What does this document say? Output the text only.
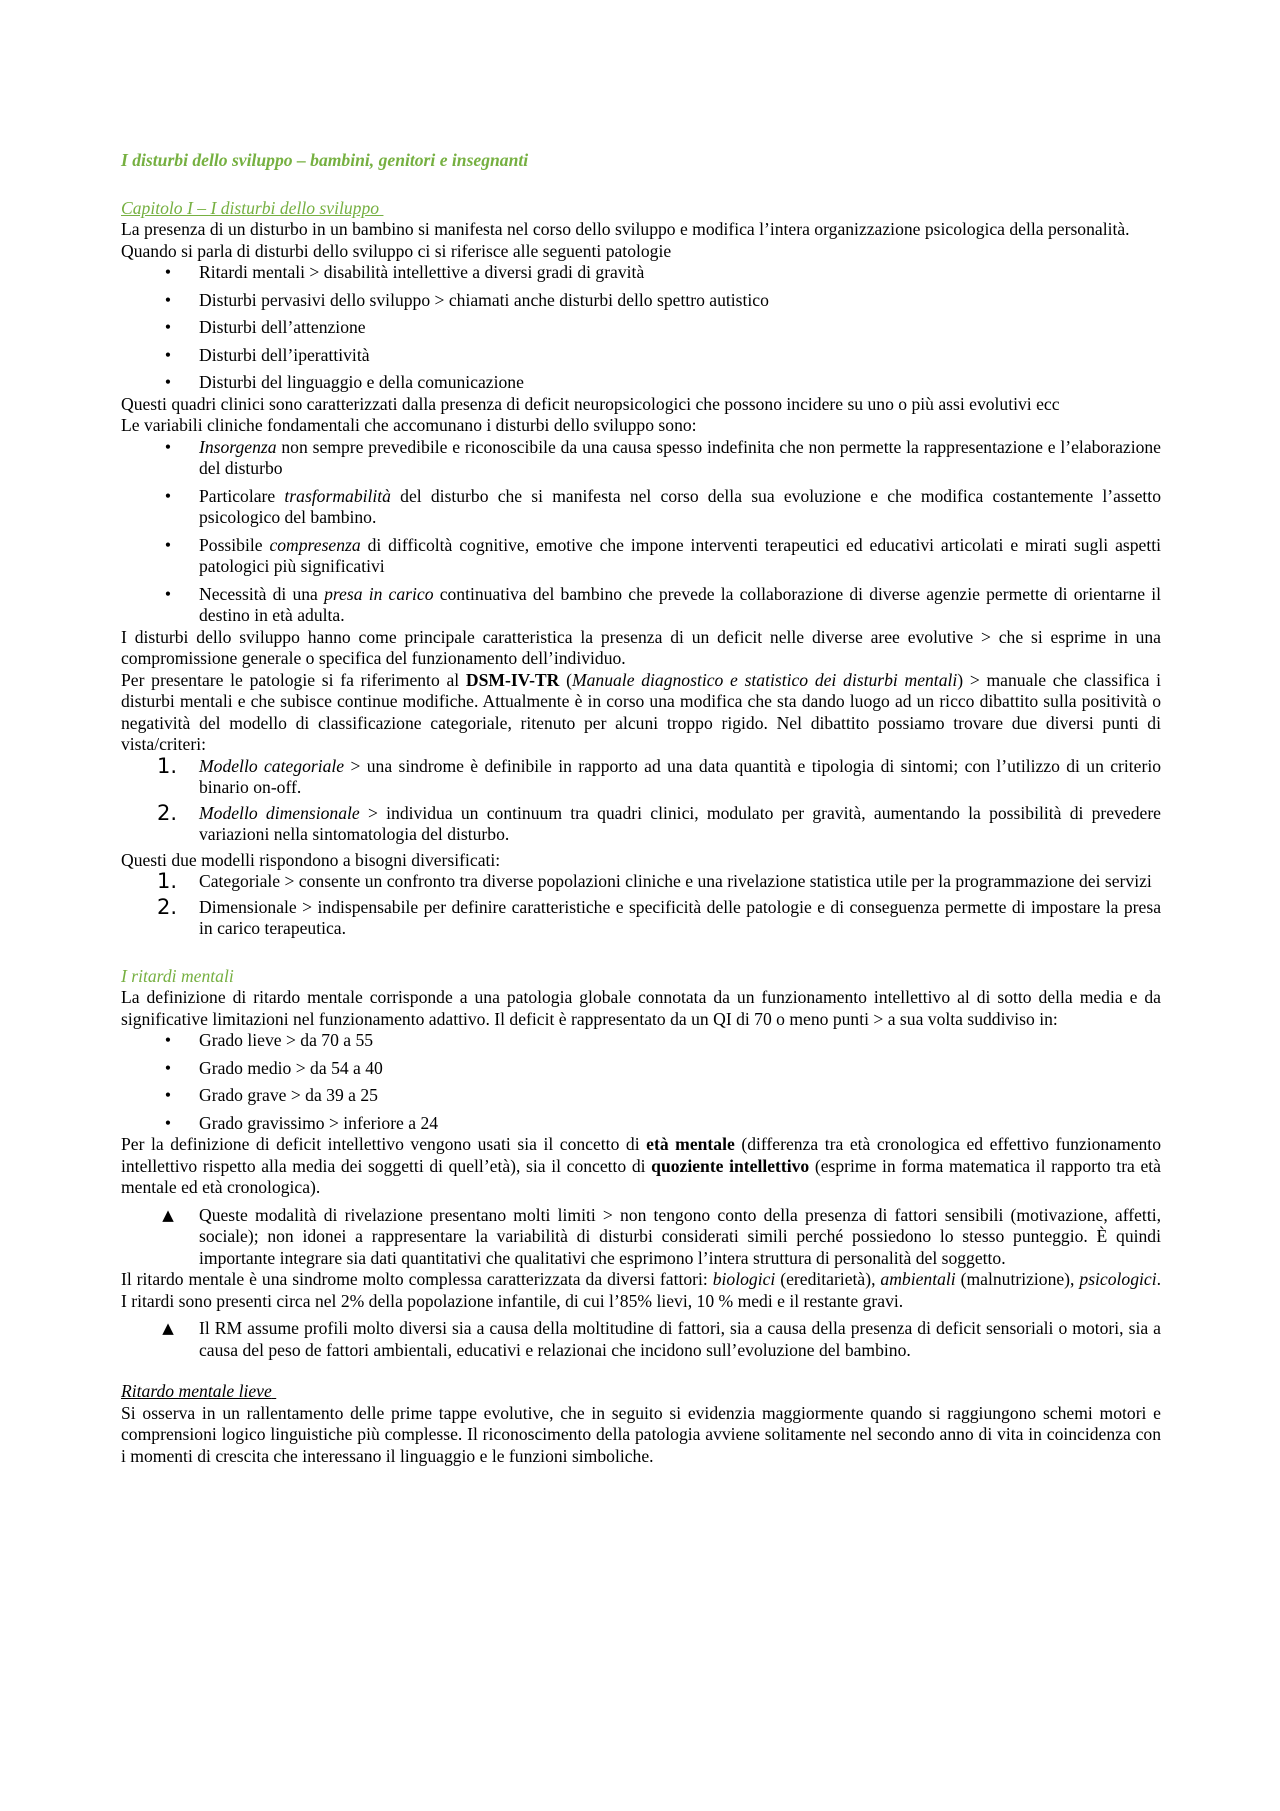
I disturbi dello sviluppo – bambini, genitori e insegnanti
Capitolo I – I disturbi dello sviluppo

La presenza di un disturbo in un bambino si manifesta nel corso dello sviluppo e modifica l’intera organizzazione psicologica della personalità.

Quando si parla di disturbi dello sviluppo ci si riferisce alle seguenti patologie

•	Ritardi mentali > disabilità intellettive a diversi gradi di gravità
•	Disturbi pervasivi dello sviluppo > chiamati anche disturbi dello spettro autistico
•	Disturbi dell’attenzione
•	Disturbi dell’iperattività
•	Disturbi del linguaggio e della comunicazione

Questi quadri clinici sono caratterizzati dalla presenza di deficit neuropsicologici che possono incidere su uno o più assi evolutivi ecc

Le variabili cliniche fondamentali che accomunano i disturbi dello sviluppo sono:

•	Insorgenza non sempre prevedibile e riconoscibile da una causa spesso indefinita che non permette la rappresentazione e l’elaborazione del disturbo
•	Particolare trasformabilità del disturbo che si manifesta nel corso della sua evoluzione e che modifica costantemente l’assetto psicologico del bambino.
•	Possibile compresenza di difficoltà cognitive, emotive che impone interventi terapeutici ed educativi articolati e mirati sugli aspetti patologici più significativi
•	Necessità di una presa in carico continuativa del bambino che prevede la collaborazione di diverse agenzie permette di orientarne il destino in età adulta.

I disturbi dello sviluppo hanno come principale caratteristica la presenza di un deficit nelle diverse aree evolutive > che si esprime in una compromissione generale o specifica del funzionamento dell’individuo.

Per presentare le patologie si fa riferimento al DSM-IV-TR (Manuale diagnostico e statistico dei disturbi mentali) > manuale che classifica i disturbi mentali e che subisce continue modifiche. Attualmente è in corso una modifica che sta dando luogo ad un ricco dibattito sulla positività o negatività del modello di classificazione categoriale, ritenuto per alcuni troppo rigido. Nel dibattito possiamo trovare due diversi punti di vista/criteri:

1. Modello categoriale > una sindrome è definibile in rapporto ad una data quantità e tipologia di sintomi; con l’utilizzo di un criterio binario on-off.
2. Modello dimensionale > individua un continuum tra quadri clinici, modulato per gravità, aumentando la possibilità di prevedere variazioni nella sintomatologia del disturbo.

Questi due modelli rispondono a bisogni diversificati:

1. Categoriale > consente un confronto tra diverse popolazioni cliniche e una rivelazione statistica utile per la programmazione dei servizi
2. Dimensionale > indispensabile per definire caratteristiche e specificità delle patologie e di conseguenza permette di impostare la presa in carico terapeutica.
I ritardi mentali

La definizione di ritardo mentale corrisponde a una patologia globale connotata da un funzionamento intellettivo al di sotto della media e da significative limitazioni nel funzionamento adattivo. Il deficit è rappresentato da un QI di 70 o meno punti > a sua volta suddiviso in:

•	Grado lieve > da 70 a 55
•	Grado medio > da 54 a 40
•	Grado grave > da 39 a 25
•	Grado gravissimo > inferiore a 24

Per la definizione di deficit intellettivo vengono usati sia il concetto di età mentale (differenza tra età cronologica ed effettivo funzionamento intellettivo rispetto alla media dei soggetti di quell’età), sia il concetto di quoziente intellettivo (esprime in forma matematica il rapporto tra età mentale ed età cronologica).

▲ Queste modalità di rivelazione presentano molti limiti > non tengono conto della presenza di fattori sensibili (motivazione, affetti, sociale); non idonei a rappresentare la variabilità di disturbi considerati simili perché possiedono lo stesso punteggio. È quindi importante integrare sia dati quantitativi che qualitativi che esprimono l’intera struttura di personalità del soggetto.

Il ritardo mentale è una sindrome molto complessa caratterizzata da diversi fattori: biologici (ereditarietà), ambientali (malnutrizione), psicologici. I ritardi sono presenti circa nel 2% della popolazione infantile, di cui l’85% lievi, 10 % medi e il restante gravi.

▲ Il RM assume profili molto diversi sia a causa della moltitudine di fattori, sia a causa della presenza di deficit sensoriali o motori, sia a causa del peso de fattori ambientali, educativi e relazionai che incidono sull’evoluzione del bambino.
Ritardo mentale lieve

Si osserva in un rallentamento delle prime tappe evolutive, che in seguito si evidenzia maggiormente quando si raggiungono schemi motori e comprensioni logico linguistiche più complesse. Il riconoscimento della patologia avviene solitamente nel secondo anno di vita in coincidenza con i momenti di crescita che interessano il linguaggio e le funzioni simboliche.
